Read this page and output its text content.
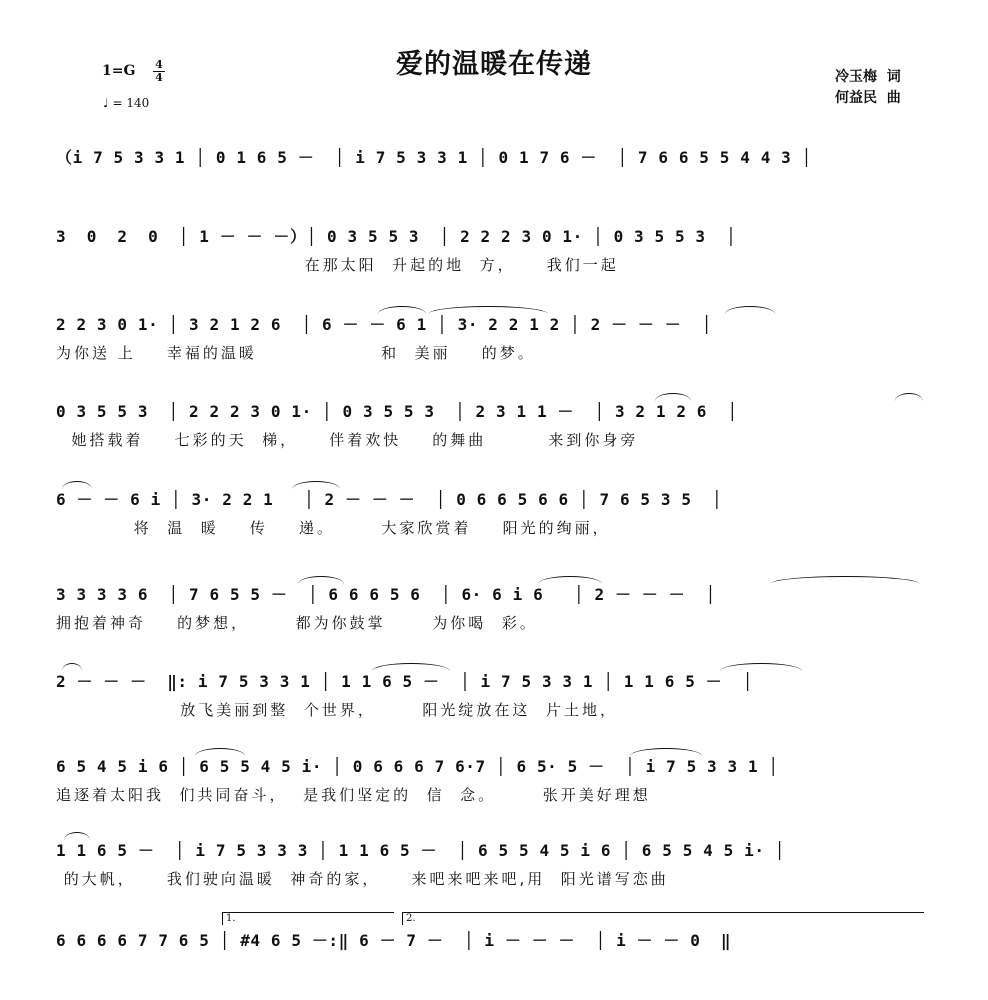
爱的温暖在传递
1=G 4
4
♩ = 140
冷玉梅  词
何益民  曲
（i 7 5 3 3 1 │ 0 1 6 5 －  │ i 7 5 3 3 1 │ 0 1 7 6 －  │ 7 6 6 5 5 4 4 3 │
3  0  2  0  │ 1 － － －）│ 0 3 5 5 3  │ 2 2 2 3 0 1· │ 0 3 5 5 3  │
在那太阳  升起的地  方，    我们一起
2 2 3 0 1· │ 3 2 1 2 6  │ 6 － － 6 1 │ 3· 2 2 1 2 │ 2 － － －  │
为你送 上    幸福的温暖                和  美丽    的梦。
0 3 5 5 3  │ 2 2 2 3 0 1· │ 0 3 5 5 3  │ 2 3 1 1 －  │ 3 2 1 2 6  │
她搭载着    七彩的天  梯，    伴着欢快    的舞曲        来到你身旁
6 － － 6 i │ 3· 2 2 1   │ 2 － － －  │ 0 6 6 5 6 6 │ 7 6 5 3 5  │
将  温  暖    传    递。      大家欣赏着    阳光的绚丽，
3 3 3 3 6  │ 7 6 5 5 －  │ 6 6 6 5 6  │ 6· 6 i 6   │ 2 － － －  │
拥抱着神奇    的梦想，      都为你鼓掌      为你喝  彩。
2 － － －  ‖: i 7 5 3 3 1 │ 1 1 6 5 －  │ i 7 5 3 3 1 │ 1 1 6 5 －  │
放飞美丽到整  个世界，      阳光绽放在这  片土地，
6 5 4 5 i 6 │ 6 5 5 4 5 i· │ 0 6 6 6 7 6·7 │ 6 5· 5 －  │ i 7 5 3 3 1 │
追逐着太阳我  们共同奋斗，  是我们坚定的  信  念。      张开美好理想
1 1 6 5 －  │ i 7 5 3 3 3 │ 1 1 6 5 －  │ 6 5 5 4 5 i 6 │ 6 5 5 4 5 i· │
的大帆，    我们驶向温暖  神奇的家，    来吧来吧来吧,用  阳光谱写恋曲
6 6 6 6 7 7 6 5 │ #4 6 5 －:‖ 6 － 7 －  │ i － － －  │ i － － 0  ‖
1.	2.
